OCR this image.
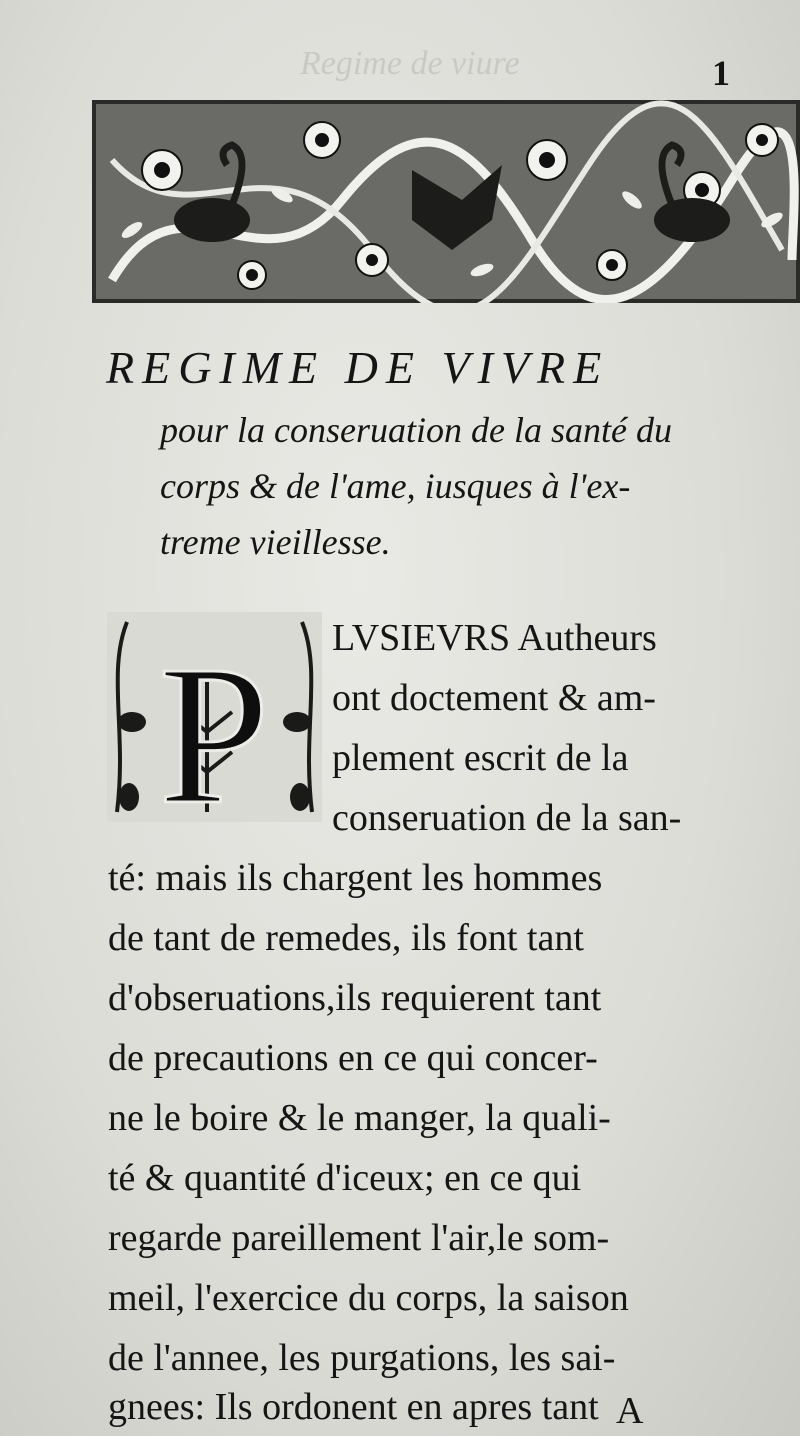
Regime de viure	1
REGIME DE VIVRE
pour la conseruation de la santé du
corps & de l'ame, iusques à l'ex-
treme vieillesse.
P LVSIEVRS Autheurs
ont doctement & am-
plement escrit de la
conseruation de la san-
té: mais ils chargent les hommes
de tant de remedes, ils font tant
d'obseruations,ils requierent tant
de precautions en ce qui concer-
ne le boire & le manger, la quali-
té & quantité d'iceux; en ce qui
regarde pareillement l'air,le som-
meil, l'exercice du corps, la saison
de l'annee, les purgations, les sai-
A
gnees: Ils ordonent en apres tant
